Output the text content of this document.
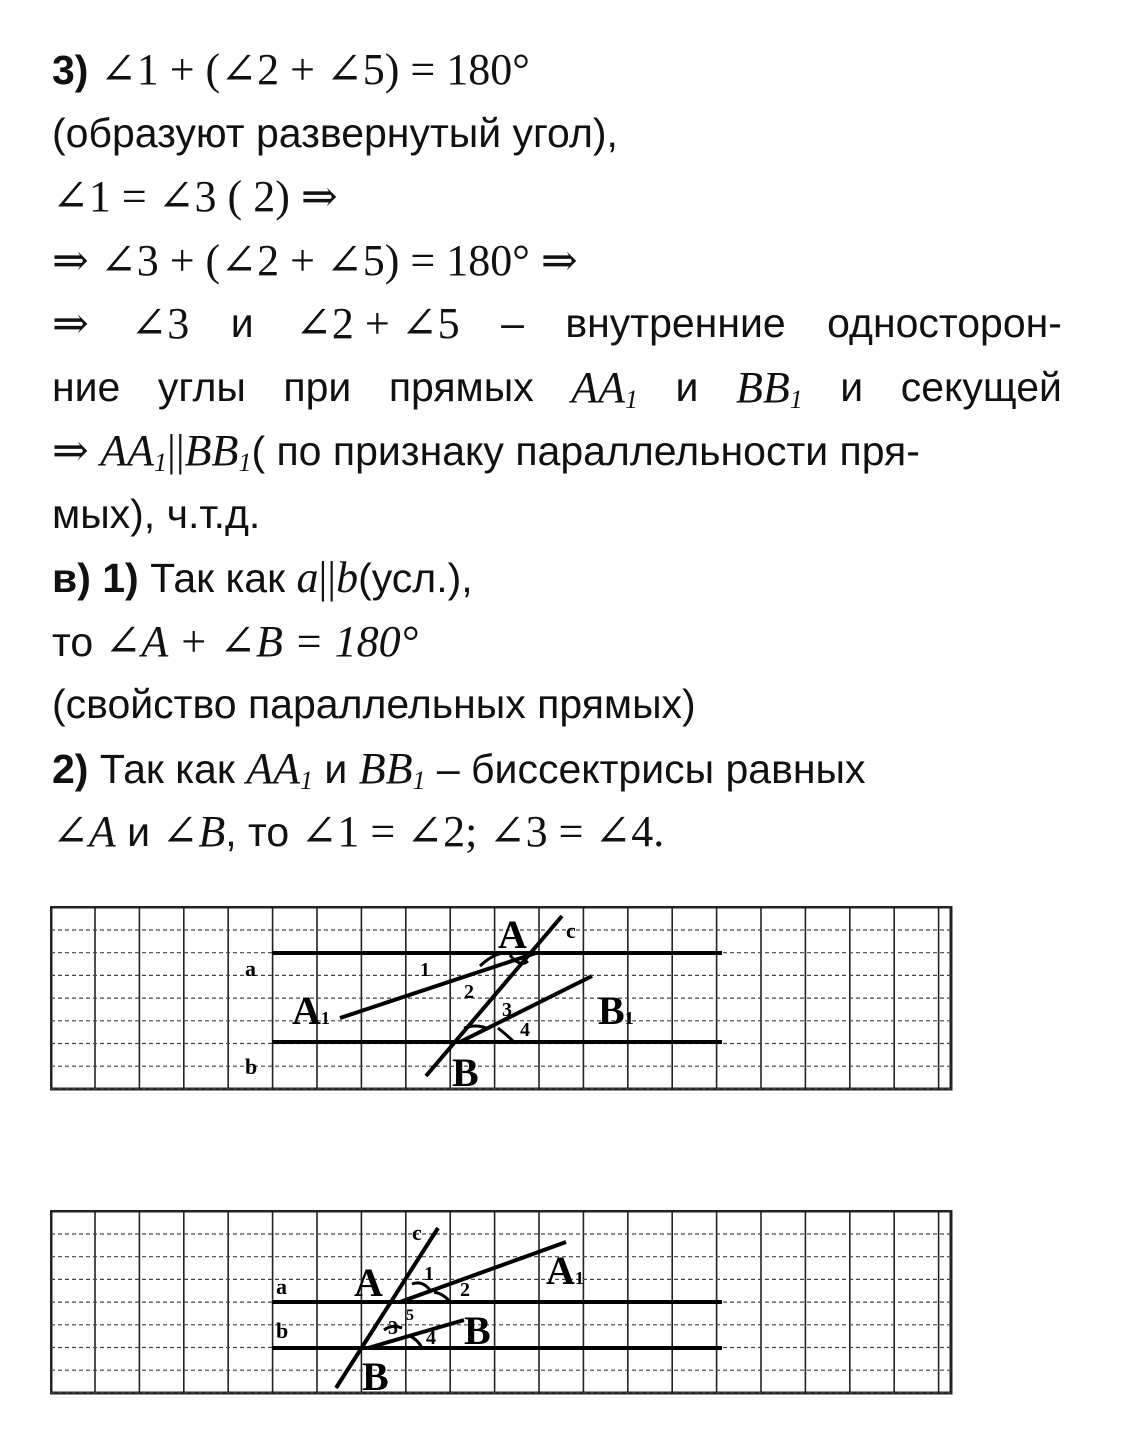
3) ∠1 + (∠2 + ∠5) = 180°
(образуют развернутый угол),
∠1 = ∠3 ( 2) ⇒
⇒ ∠3 + (∠2 + ∠5) = 180° ⇒
⇒ ∠3 и ∠2 + ∠5 – внутренние односторон-
ние углы при прямых $AA_1$ и $BB_1$ и секущей
⇒ $AA_1||BB_1$( по признаку параллельности пря-
мых), ч.т.д.
в) 1) Так как a||b(усл.),
то ∠A + ∠B = 180°
(свойство параллельных прямых)
2) Так как $AA_1$ и $BB_1$ – биссектрисы равных
∠A и ∠B, то ∠1 = ∠2; ∠3 = ∠4.
a
b
c
A
A1	B1
B
1
2
3
4
a
b
c
A	A1
B
B
1
2
3 4
5
